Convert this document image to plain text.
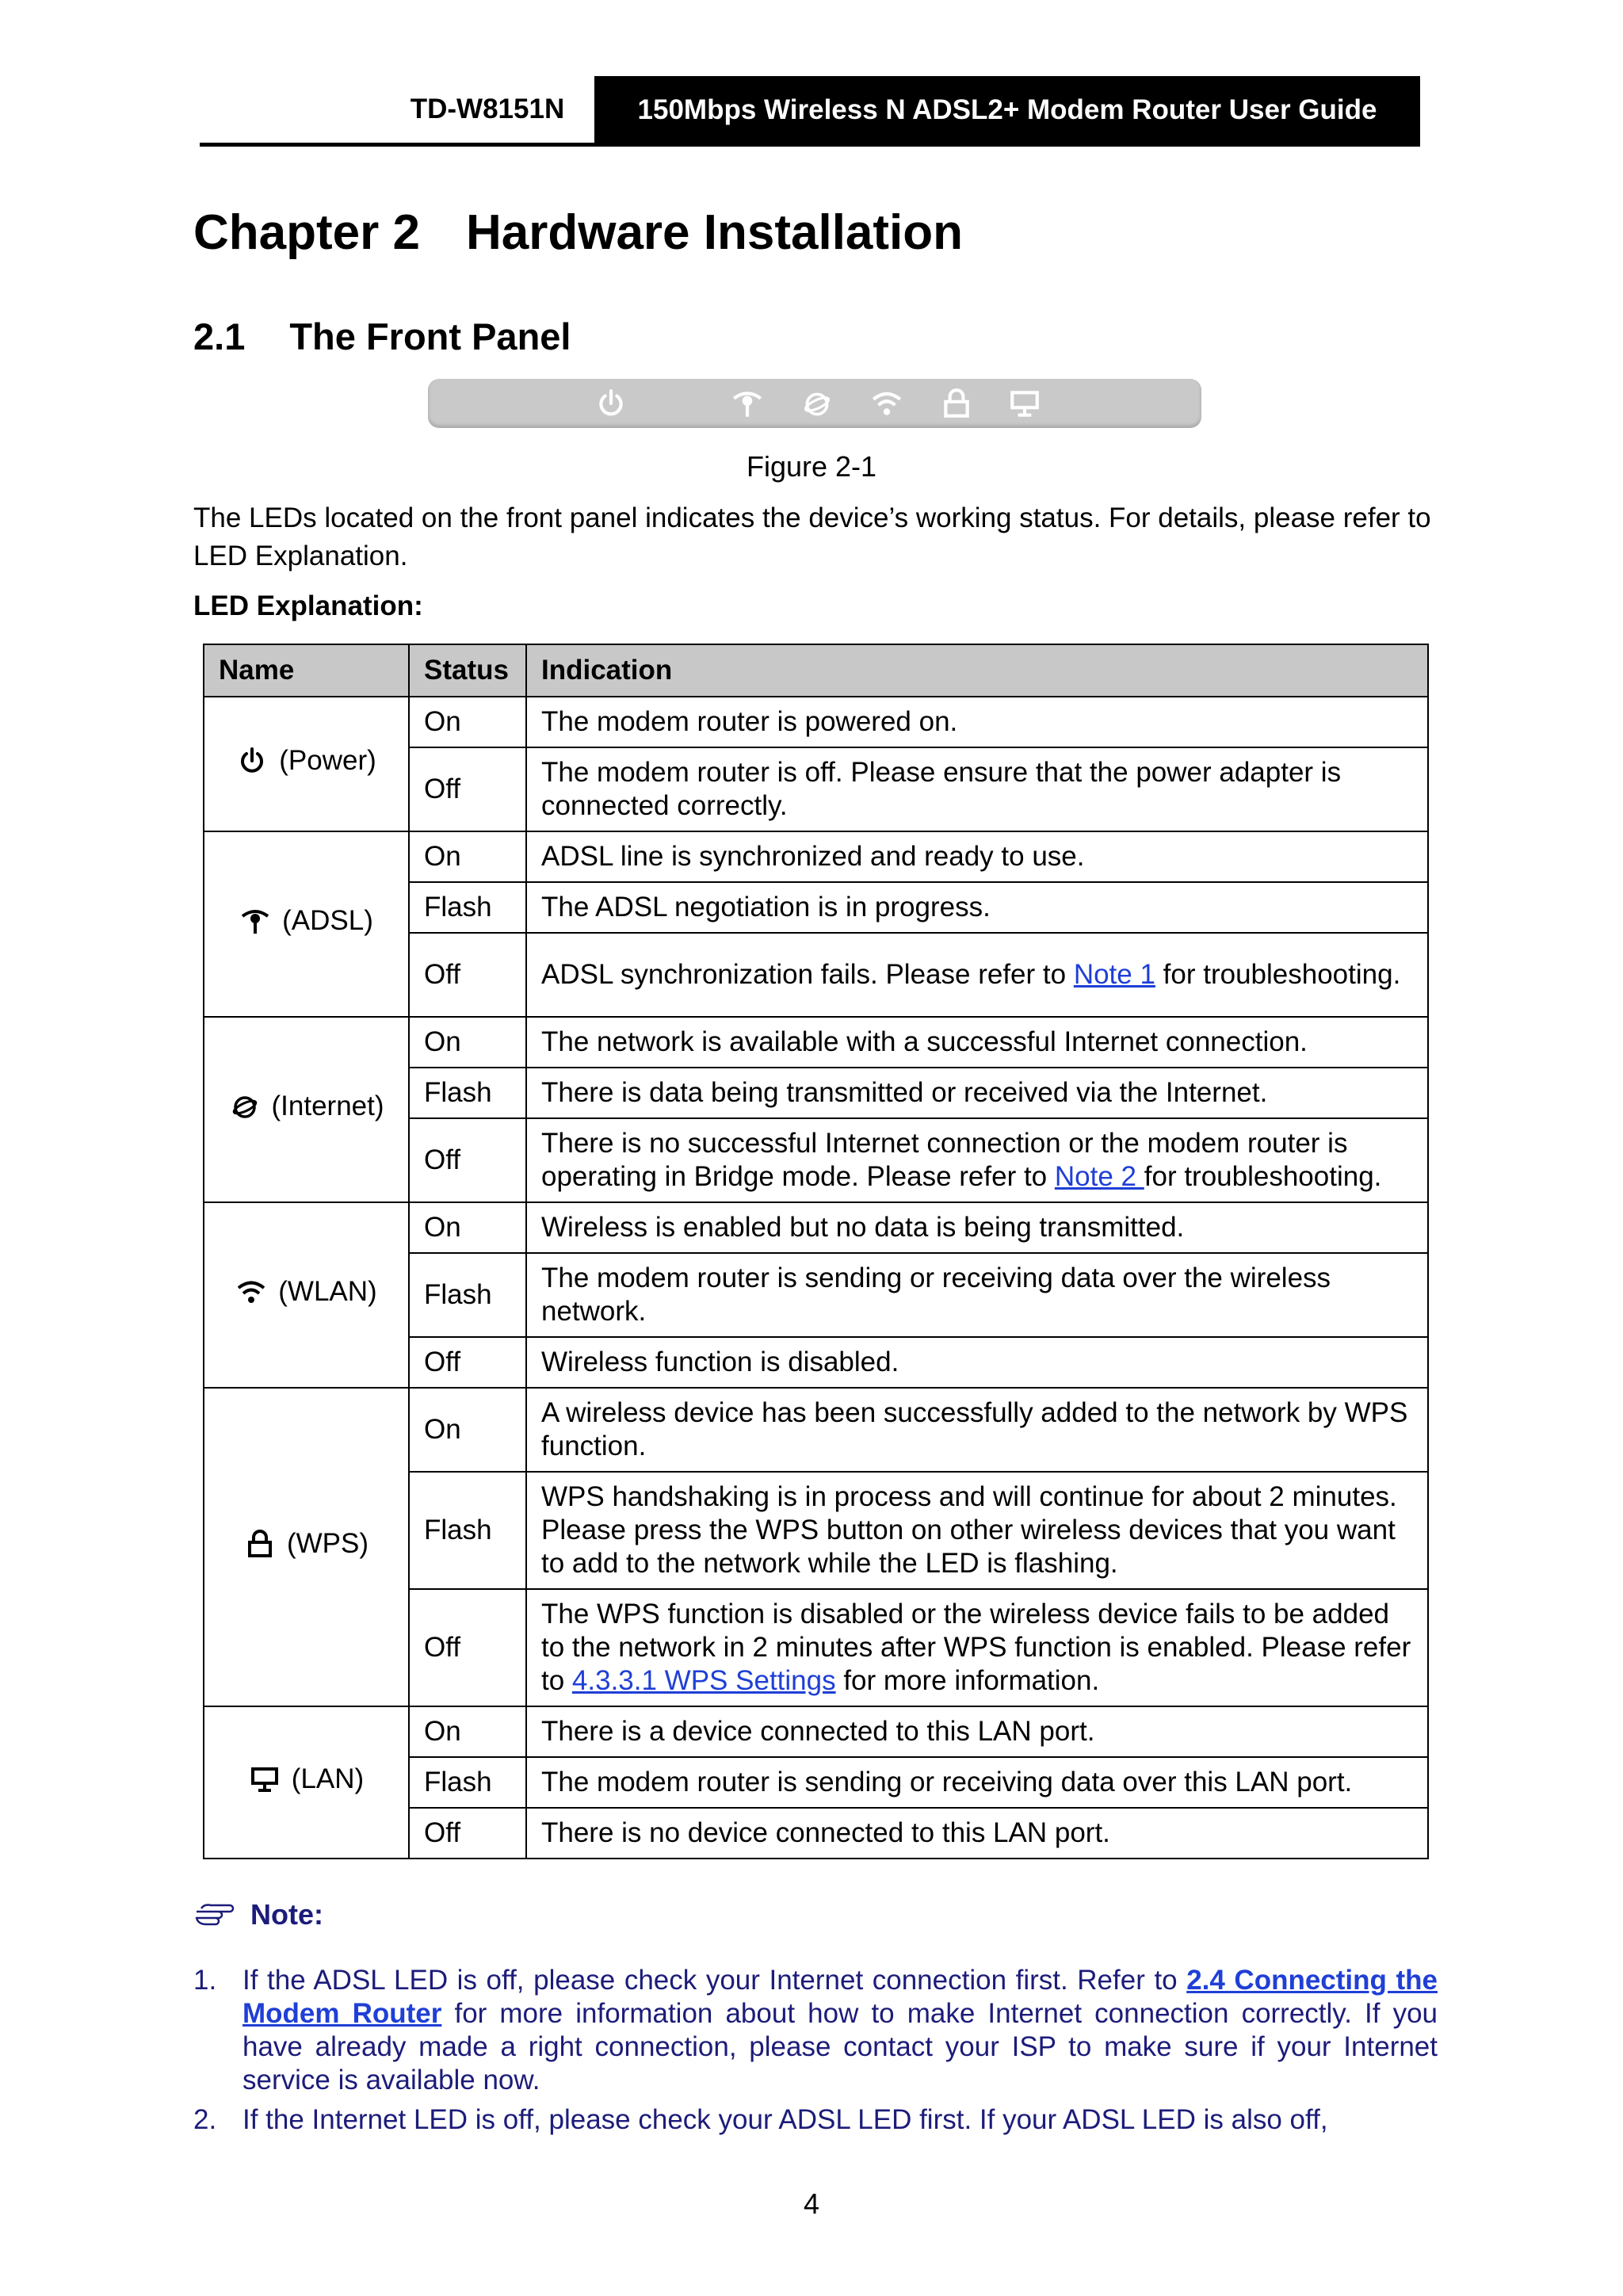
TD-W8151N	150Mbps Wireless N ADSL2+ Modem Router User Guide
Chapter 2 Hardware Installation
2.1 The Front Panel
Figure 2-1
The LEDs located on the front panel indicates the device’s working status. For details, please refer to LED Explanation.
LED Explanation:
Name	Status	Indication

(Power)	On	The modem router is powered on.
	Off	The modem router is off. Please ensure that the power adapter is connected correctly.

(ADSL)	On	ADSL line is synchronized and ready to use.
	Flash	The ADSL negotiation is in progress.
	Off	ADSL synchronization fails. Please refer to Note 1 for troubleshooting.

(Internet)	On	The network is available with a successful Internet connection.
	Flash	There is data being transmitted or received via the Internet.
	Off	There is no successful Internet connection or the modem router is operating in Bridge mode. Please refer to Note 2 for troubleshooting.

(WLAN)	On	Wireless is enabled but no data is being transmitted.
	Flash	The modem router is sending or receiving data over the wireless network.
	Off	Wireless function is disabled.

(WPS)	On	A wireless device has been successfully added to the network by WPS function.
	Flash	WPS handshaking is in process and will continue for about 2 minutes. Please press the WPS button on other wireless devices that you want to add to the network while the LED is flashing.
	Off	The WPS function is disabled or the wireless device fails to be added to the network in 2 minutes after WPS function is enabled. Please refer to 4.3.3.1 WPS Settings for more information.

(LAN)	On	There is a device connected to this LAN port.
	Flash	The modem router is sending or receiving data over this LAN port.
	Off	There is no device connected to this LAN port.
Note:
1. If the ADSL LED is off, please check your Internet connection first. Refer to 2.4 Connecting the Modem Router for more information about how to make Internet connection correctly. If you have already made a right connection, please contact your ISP to make sure if your Internet service is available now.
2. If the Internet LED is off, please check your ADSL LED first. If your ADSL LED is also off,
4
